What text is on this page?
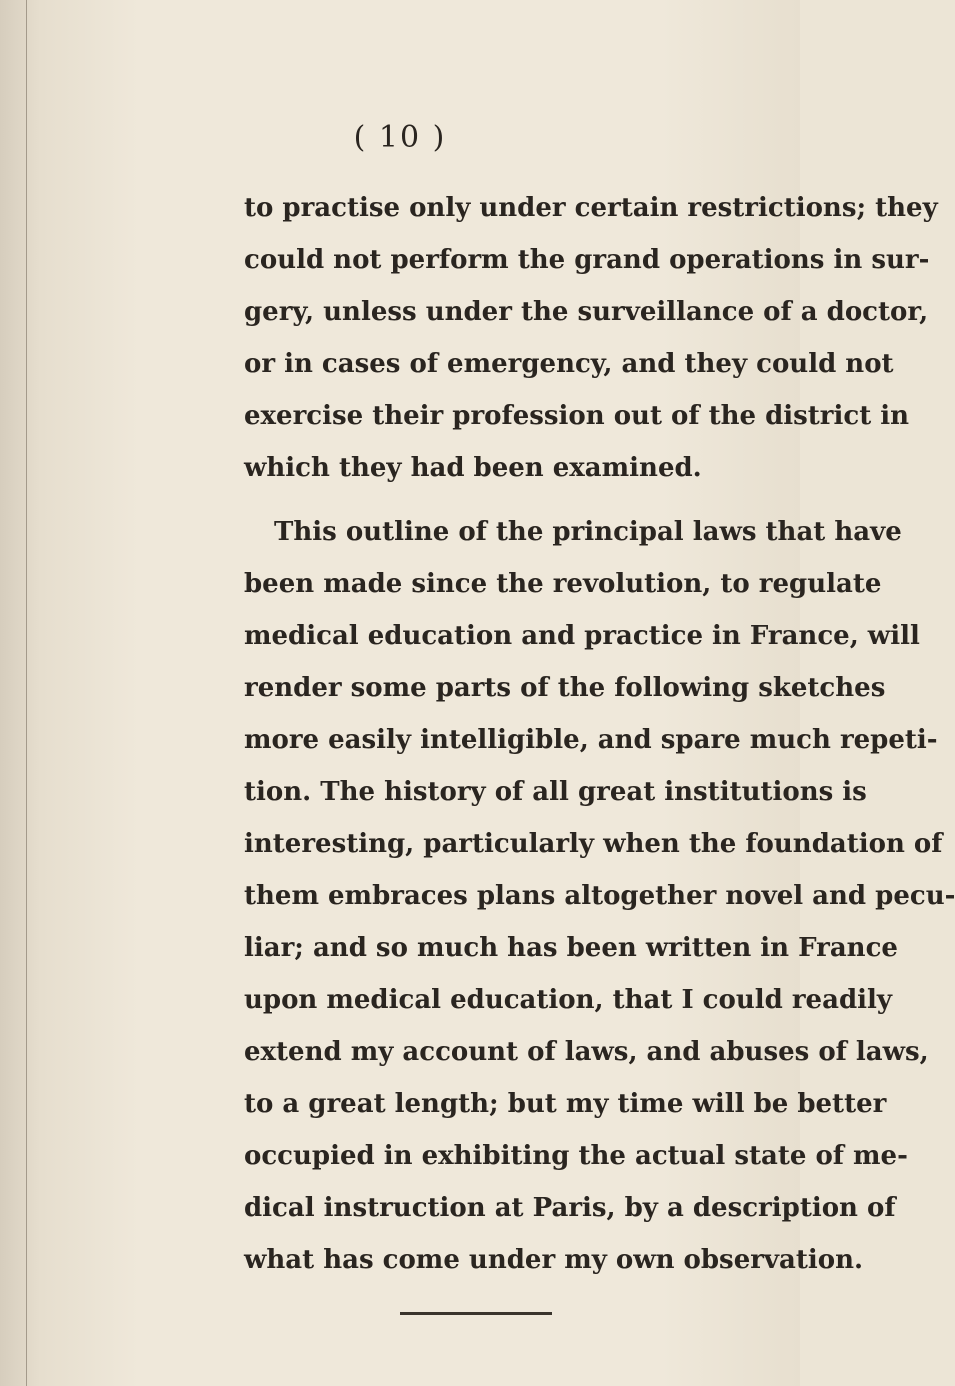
( 10 )
to practise only under certain restrictions; they
could not perform the grand operations in sur-
gery, unless under the surveillance of a doctor,
or in cases of emergency, and they could not
exercise their profession out of the district in
which they had been examined.
This outline of the principal laws that have
been made since the revolution, to regulate
medical education and practice in France, will
render some parts of the following sketches
more easily intelligible, and spare much repeti-
tion. The history of all great institutions is
interesting, particularly when the foundation of
them embraces plans altogether novel and pecu-
liar; and so much has been written in France
upon medical education, that I could readily
extend my account of laws, and abuses of laws,
to a great length; but my time will be better
occupied in exhibiting the actual state of me-
dical instruction at Paris, by a description of
what has come under my own observation.
